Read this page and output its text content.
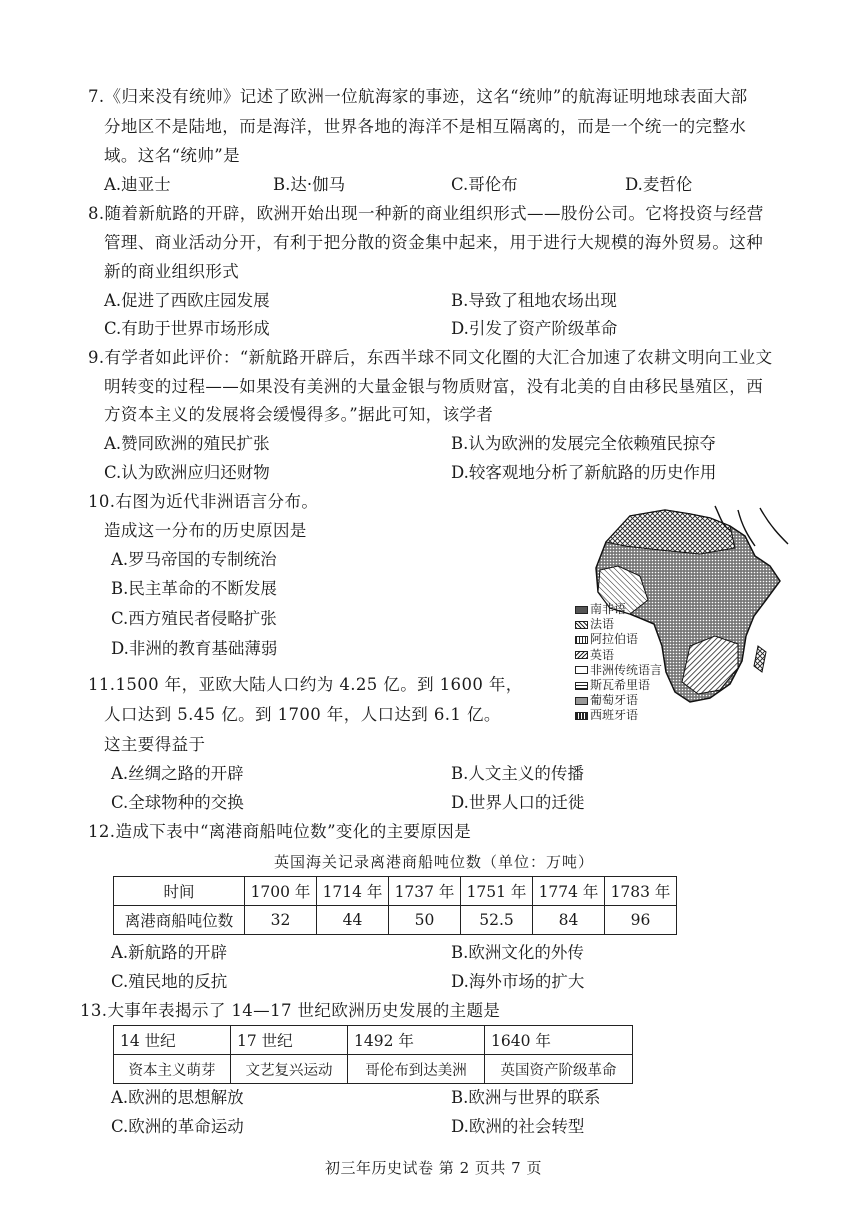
7.《归来没有统帅》记述了欧洲一位航海家的事迹，这名“统帅”的航海证明地球表面大部
分地区不是陆地，而是海洋，世界各地的海洋不是相互隔离的，而是一个统一的完整水
域。这名“统帅”是
A.迪亚士	B.达·伽马	C.哥伦布	D.麦哲伦
8.随着新航路的开辟，欧洲开始出现一种新的商业组织形式——股份公司。它将投资与经营
管理、商业活动分开，有利于把分散的资金集中起来，用于进行大规模的海外贸易。这种
新的商业组织形式
A.促进了西欧庄园发展	B.导致了租地农场出现
C.有助于世界市场形成	D.引发了资产阶级革命
9.有学者如此评价：“新航路开辟后，东西半球不同文化圈的大汇合加速了农耕文明向工业文
明转变的过程——如果没有美洲的大量金银与物质财富，没有北美的自由移民垦殖区，西
方资本主义的发展将会缓慢得多。”据此可知，该学者
A.赞同欧洲的殖民扩张	B.认为欧洲的发展完全依赖殖民掠夺
C.认为欧洲应归还财物	D.较客观地分析了新航路的历史作用
10.右图为近代非洲语言分布。
造成这一分布的历史原因是
A.罗马帝国的专制统治
B.民主革命的不断发展
C.西方殖民者侵略扩张
D.非洲的教育基础薄弱
南非语
法语
阿拉伯语
英语
非洲传统语言
斯瓦希里语
葡萄牙语
西班牙语
11.1500 年，亚欧大陆人口约为 4.25 亿。到 1600 年，
人口达到 5.45 亿。到 1700 年，人口达到 6.1 亿。
这主要得益于
A.丝绸之路的开辟	B.人文主义的传播
C.全球物种的交换	D.世界人口的迁徙
12.造成下表中“离港商船吨位数”变化的主要原因是
英国海关记录离港商船吨位数（单位：万吨）
时间	1700 年	1714 年	1737 年	1751 年	1774 年	1783 年
离港商船吨位数	32	44	50	52.5	84	96
A.新航路的开辟	B.欧洲文化的外传
C.殖民地的反抗	D.海外市场的扩大
13.大事年表揭示了 14—17 世纪欧洲历史发展的主题是
14 世纪	17 世纪	1492 年	1640 年
资本主义萌芽	文艺复兴运动	哥伦布到达美洲	英国资产阶级革命
A.欧洲的思想解放	B.欧洲与世界的联系
C.欧洲的革命运动	D.欧洲的社会转型
初三年历史试卷 第 2 页共 7 页
